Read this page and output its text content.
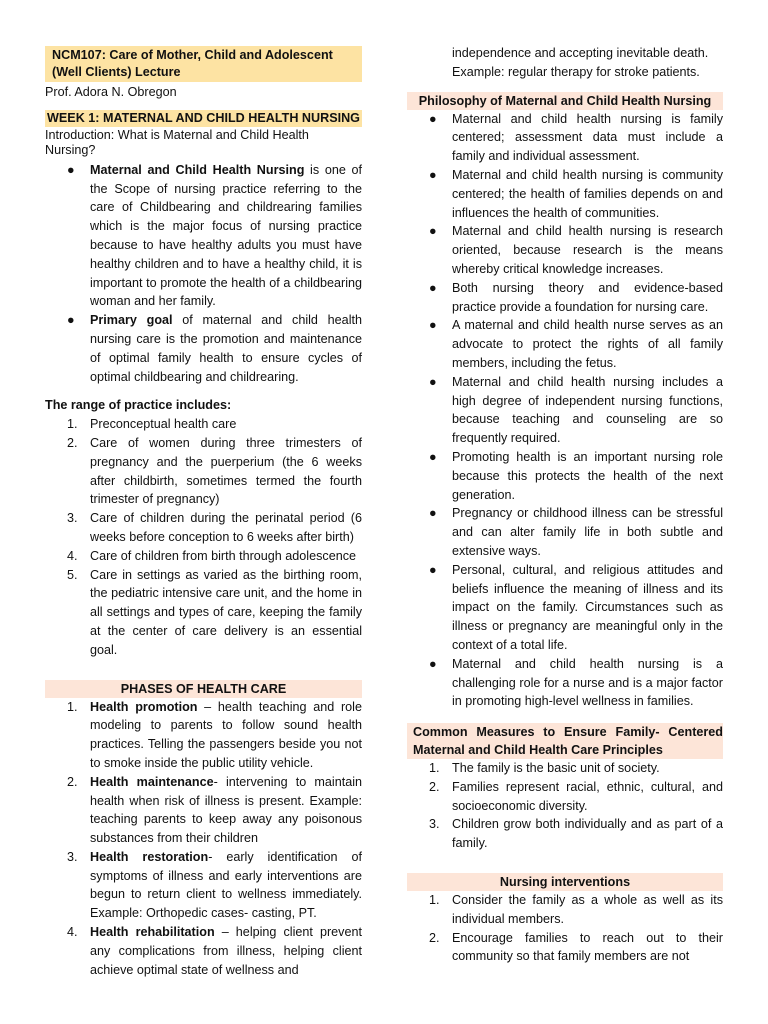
NCM107: Care of Mother, Child and Adolescent
(Well Clients) Lecture
Prof. Adora N. Obregon
WEEK 1: MATERNAL AND CHILD HEALTH NURSING
Introduction: What is Maternal and Child Health Nursing?
● Maternal and Child Health Nursing is one of the Scope of nursing practice referring to the care of Childbearing and childrearing families which is the major focus of nursing practice because to have healthy adults you must have healthy children and to have a healthy child, it is important to promote the health of a childbearing woman and her family.
● Primary goal of maternal and child health nursing care is the promotion and maintenance of optimal family health to ensure cycles of optimal childbearing and childrearing.
The range of practice includes:
1. Preconceptual health care
2. Care of women during three trimesters of pregnancy and the puerperium (the 6 weeks after childbirth, sometimes termed the fourth trimester of pregnancy)
3. Care of children during the perinatal period (6 weeks before conception to 6 weeks after birth)
4. Care of children from birth through adolescence
5. Care in settings as varied as the birthing room, the pediatric intensive care unit, and the home in all settings and types of care, keeping the family at the center of care delivery is an essential goal.
PHASES OF HEALTH CARE
1. Health promotion – health teaching and role modeling to parents to follow sound health practices. Telling the passengers beside you not to smoke inside the public utility vehicle.
2. Health maintenance- intervening to maintain health when risk of illness is present. Example: teaching parents to keep away any poisonous substances from their children
3. Health restoration- early identification of symptoms of illness and early interventions are begun to return client to wellness immediately. Example: Orthopedic cases- casting, PT.
4. Health rehabilitation – helping client prevent any complications from illness, helping client achieve optimal state of wellness and
independence and accepting inevitable death.
Example: regular therapy for stroke patients.
Philosophy of Maternal and Child Health Nursing
● Maternal and child health nursing is family centered; assessment data must include a family and individual assessment.
● Maternal and child health nursing is community centered; the health of families depends on and influences the health of communities.
● Maternal and child health nursing is research oriented, because research is the means whereby critical knowledge increases.
● Both nursing theory and evidence-based practice provide a foundation for nursing care.
● A maternal and child health nurse serves as an advocate to protect the rights of all family members, including the fetus.
● Maternal and child health nursing includes a high degree of independent nursing functions, because teaching and counseling are so frequently required.
● Promoting health is an important nursing role because this protects the health of the next generation.
● Pregnancy or childhood illness can be stressful and can alter family life in both subtle and extensive ways.
● Personal, cultural, and religious attitudes and beliefs influence the meaning of illness and its impact on the family. Circumstances such as illness or pregnancy are meaningful only in the context of a total life.
● Maternal and child health nursing is a challenging role for a nurse and is a major factor in promoting high-level wellness in families.
Common Measures to Ensure Family- Centered Maternal and Child Health Care Principles
1. The family is the basic unit of society.
2. Families represent racial, ethnic, cultural, and socioeconomic diversity.
3. Children grow both individually and as part of a family.
Nursing interventions
1. Consider the family as a whole as well as its individual members.
2. Encourage families to reach out to their community so that family members are not
